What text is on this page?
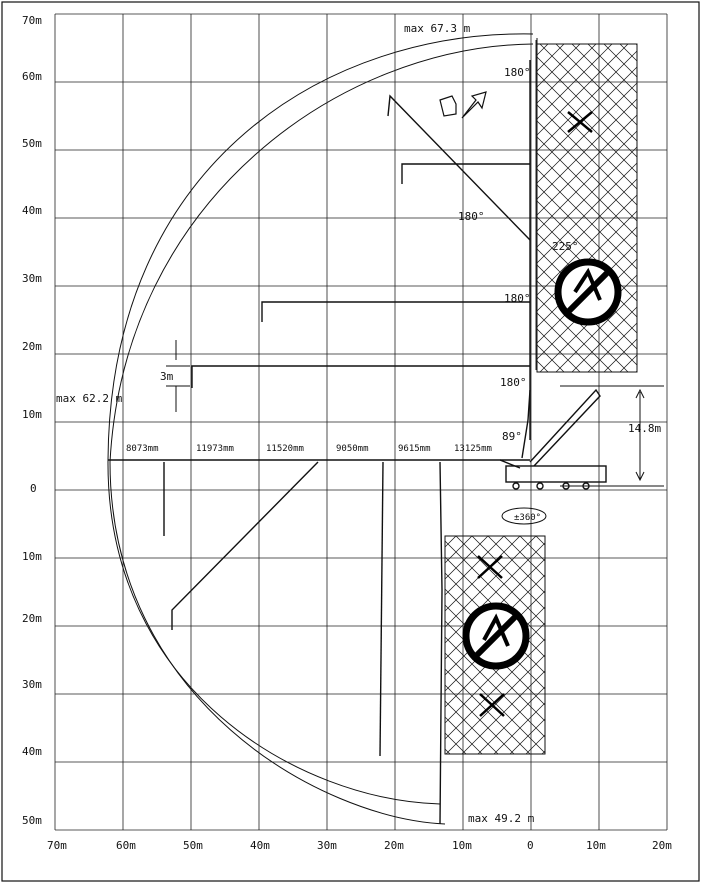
70m
60m
50m
40m
30m
20m
10m
0
10m
20m
30m
40m
50m
70m	60m	50m	40m	30m	20m	10m	0	10m	20m
±360°
14.8m
3m
max 67.3 m
max 62.2 m
max 49.2 m
180°
180°
225°
180°
180°
89°
8073mm	11973mm	11520mm	9050mm	9615mm	13125mm
